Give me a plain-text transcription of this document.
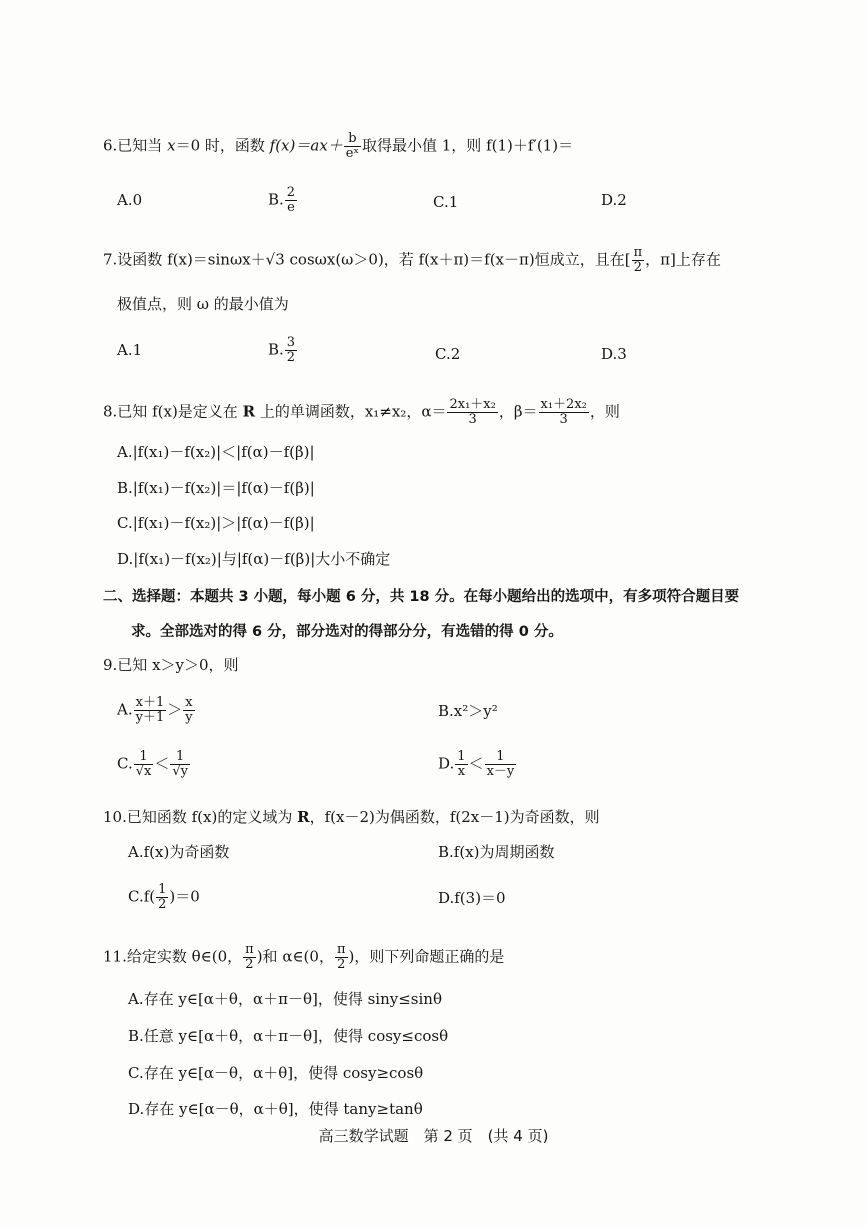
6.已知当 x＝0 时，函数 $f(x)=ax+ \frac{b}{\text{eˣ}}$ 取得最小值 1，则 f(1)＋f′(1)＝
A.0	B. $\frac{2}{e}$	C.1	D.2
7.设函数 f(x)＝sinωx＋√3 cosωx(ω＞0)，若 f(x＋π)＝f(x－π)恒成立，且在[ $\frac{\pi}{2}$ ，π]上存在
极值点，则 ω 的最小值为
A.1	B. $\frac{3}{2}$	C.2	D.3
8.已知 f(x)是定义在 R 上的单调函数，x₁≠x₂，$\alpha= \frac{\text{2x₁＋x₂}}{3}$ ，$\beta= \frac{\text{x₁＋2x₂}}{3}$ ，则
A.|f(x₁)－f(x₂)|＜|f(α)－f(β)|
B.|f(x₁)－f(x₂)|＝|f(α)－f(β)|
C.|f(x₁)－f(x₂)|＞|f(α)－f(β)|
D.|f(x₁)－f(x₂)|与|f(α)－f(β)|大小不确定
二、选择题：本题共 3 小题，每小题 6 分，共 18 分。在每小题给出的选项中，有多项符合题目要
求。全部选对的得 6 分，部分选对的得部分分，有选错的得 0 分。
9.已知 x＞y＞0，则
A. $\frac{x+1}{y+1} > \frac{x}{y}$	B.x²＞y²
C. $\frac{1}{√x} < \frac{1}{√y}$	D. $\frac{1}{x} < \frac{1}{x-y}$
10.已知函数 f(x)的定义域为 R，f(x－2)为偶函数，f(2x－1)为奇函数，则
A.f(x)为奇函数	B.f(x)为周期函数
$C.f( \frac{1}{2} )=0$	D.f(3)＝0
11.给定实数 θ∈(0， $\frac{\pi}{2}$ )和 α∈(0， $\frac{\pi}{2}$ )，则下列命题正确的是
A.存在 y∈[α＋θ，α＋π－θ]，使得 siny≤sinθ
B.任意 y∈[α＋θ，α＋π－θ]，使得 cosy≤cosθ
C.存在 y∈[α－θ，α＋θ]，使得 cosy≥cosθ
D.存在 y∈[α－θ，α＋θ]，使得 tany≥tanθ
高三数学试题　第 2 页　(共 4 页)
